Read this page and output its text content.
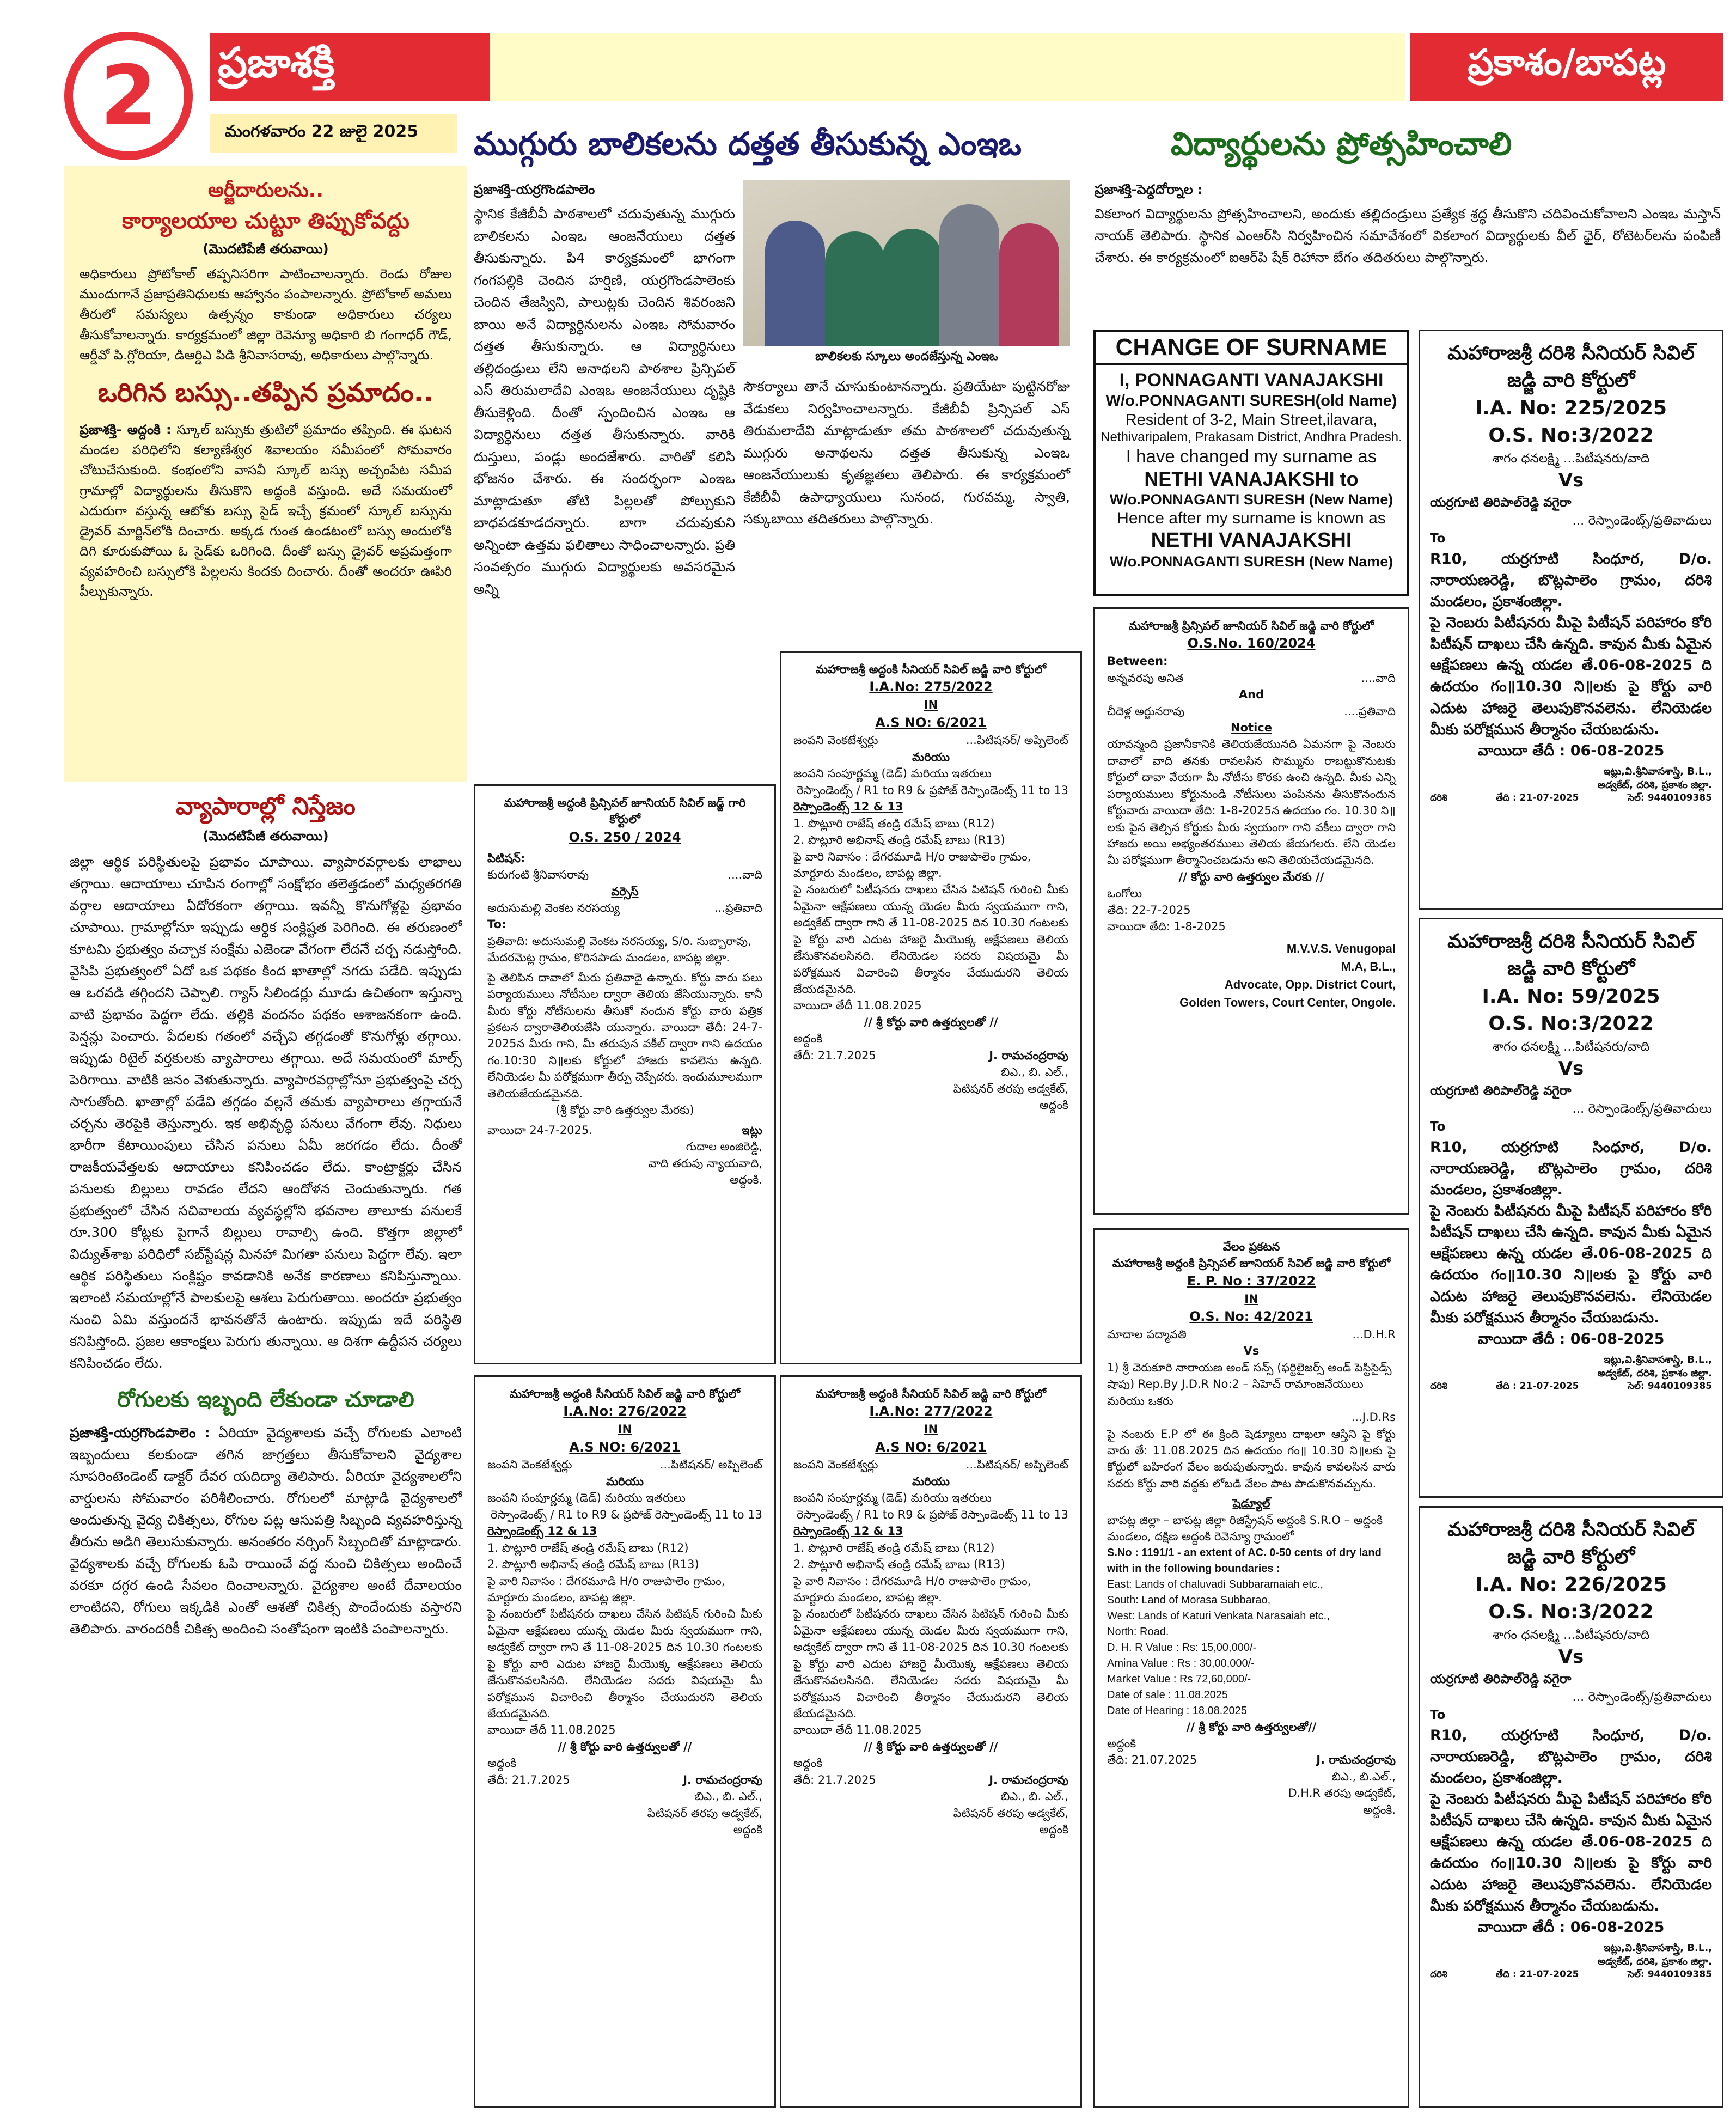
2 ప్రజాశక్తి	ప్రకాశం/బాపట్ల
మంగళవారం 22 జులై 2025
అర్జీదారులను..
కార్యాలయాల చుట్టూ తిప్పుకోవద్దు
(మొదటిపేజీ తరువాయి)
అధికారులు ప్రోటోకాల్ తప్పనిసరిగా పాటించాలన్నారు. రెండు రోజుల ముందుగానే ప్రజాప్రతినిధులకు ఆహ్వానం పంపాలన్నారు. ప్రోటోకాల్ అమలు తీరులో సమస్యలు ఉత్పన్నం కాకుండా అధికారులు చర్యలు తీసుకోవాలన్నారు. కార్యక్రమంలో జిల్లా రెవెన్యూ అధికారి బి గంగాధర్ గౌడ్, ఆర్డీవో పి.గ్లోరియా, డిఆర్డిఎ పిడి శ్రీనివాసరావు, అధికారులు పాల్గొన్నారు.
ఒరిగిన బస్సు..తప్పిన ప్రమాదం..
ప్రజాశక్తి- అద్దంకి : స్కూల్ బస్సుకు త్రుటిలో ప్రమాదం తప్పింది. ఈ ఘటన మండల పరిధిలోని కల్యాణేశ్వర శివాలయం సమీపంలో సోమవారం చోటుచేసుకుంది. కంభంలోని వాసవీ స్కూల్ బస్సు అచ్చంపేట సమీప గ్రామాల్లో విద్యార్థులను తీసుకొని అద్దంకి వస్తుంది. అదే సమయంలో ఎదురుగా వస్తున్న ఆటోకు బస్సు సైడ్ ఇచ్చే క్రమంలో స్కూల్ బస్సును డ్రైవర్ మార్జిన్‌లోకి దించారు. అక్కడ గుంత ఉండటంలో బస్సు అందులోకి దిగి కూరుకుపోయి ఓ సైడ్‌కు ఒరిగింది. దీంతో బస్సు డ్రైవర్ అప్రమత్తంగా వ్యవహరించి బస్సులోకి పిల్లలను కిందకు దించారు. దీంతో అందరూ ఊపిరి పీల్చుకున్నారు.
వ్యాపారాల్లో నిస్తేజం
(మొదటిపేజీ తరువాయి)
జిల్లా ఆర్థిక పరిస్థితులపై ప్రభావం చూపాయి. వ్యాపారవర్గాలకు లాభాలు తగ్గాయి. ఆదాయాలు చూపిన రంగాల్లో సంక్షోభం తలెత్తడంలో మధ్యతరగతి వర్గాల ఆదాయాలు ఏదోరకంగా తగ్గాయి. ఇవన్నీ కొనుగోళ్లపై ప్రభావం చూపాయి. గ్రామాల్లోనూ ఇప్పుడు ఆర్థిక సంక్లిష్టత పెరిగింది. ఈ తరుణంలో కూటమి ప్రభుత్వం వచ్చాక సంక్షేమ ఎజెండా వేగంగా లేదనే చర్చ నడుస్తోంది. వైసిపి ప్రభుత్వంలో ఏదో ఒక పథకం కింద ఖాతాల్లో నగదు పడేది. ఇప్పుడు ఆ ఒరవడి తగ్గిందని చెప్పాలి. గ్యాస్ సిలిండర్లు మూడు ఉచితంగా ఇస్తున్నా వాటి ప్రభావం పెద్దగా లేదు. తల్లికి వందనం పథకం ఆశాజనకంగా ఉంది. పెన్షన్లు పెంచారు. పేదలకు గతంలో వచ్చేవి తగ్గడంతో కొనుగోళ్లు తగ్గాయి. ఇప్పుడు రిటైల్ వర్తకులకు వ్యాపారాలు తగ్గాయి. అదే సమయంలో మాల్స్ పెరిగాయి. వాటికి జనం వెళుతున్నారు. వ్యాపారవర్గాల్లోనూ ప్రభుత్వంపై చర్చ సాగుతోంది. ఖాతాల్లో పడేవి తగ్గడం వల్లనే తమకు వ్యాపారాలు తగ్గాయనే చర్చను తెరపైకి తెస్తున్నారు. ఇక అభివృద్ధి పనులు వేగంగా లేవు. నిధులు భారీగా కేటాయింపులు చేసిన పనులు ఏమీ జరగడం లేదు. దీంతో రాజకీయవేత్తలకు ఆదాయాలు కనిపించడం లేదు. కాంట్రాక్టర్లు చేసిన పనులకు బిల్లులు రావడం లేదని ఆందోళన చెందుతున్నారు. గత ప్రభుత్వంలో చేసిన సచివాలయ వ్యవస్థల్లోని భవనాల తాలూకు పనులకే రూ.300 కోట్లకు పైగానే బిల్లులు రావాల్సి ఉంది. కొత్తగా జిల్లాలో విద్యుత్‌శాఖ పరిధిలో సబ్‌స్టేషన్ల మినహా మిగతా పనులు పెద్దగా లేవు. ఇలా ఆర్థిక పరిస్థితులు సంక్లిష్టం కావడానికి అనేక కారణాలు కనిపిస్తున్నాయి. ఇలాంటి సమయాల్లోనే పాలకులపై ఆశలు పెరుగుతాయి. అందరూ ప్రభుత్వం నుంచి ఏమి వస్తుందనే భావనతోనే ఉంటారు. ఇప్పుడు ఇదే పరిస్థితి కనిపిస్తోంది. ప్రజల ఆకాంక్షలు పెరుగు తున్నాయి. ఆ దిశగా ఉద్దీపన చర్యలు కనిపించడం లేదు.
రోగులకు ఇబ్బంది లేకుండా చూడాలి
ప్రజాశక్తి-యర్రగొండపాలెం : ఏరియా వైద్యశాలకు వచ్చే రోగులకు ఎలాంటి ఇబ్బందులు కలకుండా తగిన జాగ్రత్తలు తీసుకోవాలని వైద్యశాల సూపరింటెండెంట్ డాక్టర్ దేవర యదిద్యా తెలిపారు. ఏరియా వైద్యశాలలోని వార్డులను సోమవారం పరిశీలించారు. రోగులలో మాట్లాడి వైద్యశాలలో అందుతున్న వైద్య చికిత్సలు, రోగుల పట్ల ఆసుపత్రి సిబ్బంది వ్యవహరిస్తున్న తీరును అడిగి తెలుసుకున్నారు. అనంతరం నర్సింగ్ సిబ్బందితో మాట్లాడారు. వైద్యశాలకు వచ్చే రోగులకు ఓపి రాయించే వద్ద నుంచి చికిత్సలు అందించే వరకూ దగ్గర ఉండి సేవలం దించాలన్నారు. వైద్యశాల అంటే దేవాలయం లాంటిదని, రోగులు ఇక్కడికి ఎంతో ఆశతో చికిత్స పొందేందుకు వస్తారని తెలిపారు. వారందరికీ చికిత్స అందించి సంతోషంగా ఇంటికి పంపాలన్నారు.
ముగ్గురు బాలికలను దత్తత తీసుకున్న ఎంఇఒ
ప్రజాశక్తి-యర్రగొండపాలెం
స్థానిక కేజీబీవీ పాఠశాలలో చదువుతున్న ముగ్గురు బాలికలను ఎంఇఒ ఆంజనేయులు దత్తత తీసుకున్నారు. పి4 కార్యక్రమంలో భాగంగా గంగపల్లికి చెందిన హర్షిణి, యర్రగొండపాలెంకు చెందిన తేజస్విని, పాలుట్లకు చెందిన శివరంజని బాయి అనే విద్యార్థినులను ఎంఇఒ సోమవారం దత్తత తీసుకున్నారు. ఆ విద్యార్థినులు తల్లిదండ్రులు లేని అనాథలని పాఠశాల ప్రిన్సిపల్ ఎస్ తిరుమలాదేవి ఎంఇఒ ఆంజనేయులు దృష్టికి తీసుకెళ్లింది. దీంతో స్పందించిన ఎంఇఒ ఆ విద్యార్థినులు దత్తత తీసుకున్నారు. వారికి దుస్తులు, పండ్లు అందజేశారు. వారితో కలిసి భోజనం చేశారు. ఈ సందర్భంగా ఎంఇఒ మాట్లాడుతూ తోటి పిల్లలతో పోల్చుకుని బాధపడకూడదన్నారు. బాగా చదువుకుని అన్నింటా ఉత్తమ ఫలితాలు సాధించాలన్నారు. ప్రతి సంవత్సరం ముగ్గురు విద్యార్థులకు అవసరమైన అన్ని
బాలికలకు స్కూలు అందజేస్తున్న ఎంఇఒ
సౌకర్యాలు తానే చూసుకుంటానన్నారు. ప్రతియేటా పుట్టినరోజు వేడుకలు నిర్వహించాలన్నారు. కేజీబీవీ ప్రిన్సిపల్ ఎస్ తిరుమలాదేవి మాట్లాడుతూ తమ పాఠశాలలో చదువుతున్న ముగ్గురు అనాథలను దత్తత తీసుకున్న ఎంఇఒ ఆంజనేయులుకు కృతజ్ఞతలు తెలిపారు. ఈ కార్యక్రమంలో కేజీబీవీ ఉపాధ్యాయులు సునంద, గురవమ్మ, స్వాతి, సక్కుబాయి తదితరులు పాల్గొన్నారు.
విద్యార్థులను ప్రోత్సహించాలి
ప్రజాశక్తి-పెద్దదోర్నాల :
వికలాంగ విద్యార్థులను ప్రోత్సహించాలని, అందుకు తల్లిదండ్రులు ప్రత్యేక శ్రద్ధ తీసుకొని చదివించుకోవాలని ఎంఇఒ మస్తాన్ నాయక్ తెలిపారు. స్థానిక ఎంఆర్‌సి నిర్వహించిన సమావేశంలో వికలాంగ విద్యార్థులకు వీల్ ఛైర్, రోటెటర్‌లను పంపిణీ చేశారు. ఈ కార్యక్రమంలో ఐఆర్‌పి షేక్ రిహానా బేగం తదితరులు పాల్గొన్నారు.
CHANGE OF SURNAME
I, PONNAGANTI VANAJAKSHI
W/o.PONNAGANTI SURESH(old Name)
Resident of 3-2, Main Street,ilavara,
Nethivaripalem, Prakasam District, Andhra Pradesh.
I have changed my surname as
NETHI VANAJAKSHI to
W/o.PONNAGANTI SURESH (New Name)
Hence after my surname is known as
NETHI VANAJAKSHI
W/o.PONNAGANTI SURESH (New Name)
మహారాజశ్రీ అద్దంకి ప్రిన్సిపల్ జూనియర్ సివిల్ జడ్జ్ గారి కోర్టులో
O.S. 250 / 2024
పిటిషన్:
కురుగంటి శ్రీనివాసరావు	....వాది
వర్సెస్
అదుసుమల్లి వెంకట నరసయ్య	...ప్రతివాది
To:
ప్రతివాది: అదుసుమల్లి వెంకట నరసయ్య, S/o. సుబ్బారావు, మేదరమెట్ల గ్రామం, కొరిసపాడు మండలం, బాపట్ల జిల్లా.
పై తెలిపిన దావాలో మీరు ప్రతివాదై ఉన్నారు. కోర్టు వారు పలు పర్యాయములు నోటీసుల ద్వారా తెలియ జేసియున్నారు. కానీ మీరు కోర్టు నోటీసులను తీసుకో నందున కోర్టు వారు పత్రిక ప్రకటన ద్వారాతెలియజేసి యున్నారు. వాయిదా తేదీ: 24-7-2025న మీరు గాని, మీ తరుపున వకీల్ ద్వారా గాని ఉదయం గం.10:30 ని॥లకు కోర్టులో హాజరు కావలెను ఉన్నది. లేనియెడల మీ పరోక్షముగా తీర్పు చెప్పేదరు. ఇందుమూలముగా తెలియజేయడమైనది.
(శ్రీ కోర్టు వారి ఉత్తర్వుల మేరకు)
వాయిదా 24-7-2025.	ఇట్లు
గుదాల అంజిరెడ్డి,
వాది తరుపు న్యాయవాది,
అద్దంకి.
మహారాజశ్రీ అద్దంకి సీనియర్ సివిల్ జడ్జి వారి కోర్టులో
I.A.No: 275/2022
IN
A.S NO: 6/2021
జంపని వెంకటేశ్వర్లు	...పిటిషనర్/ అప్పిలెంట్
మరియు
జంపని సంపూర్ణమ్మ (డెడ్) మరియు ఇతరులు
రెస్పాండెంట్స్ / R1 to R9 & ప్రపోజ్ రెస్పాండెంట్స్ 11 to 13
రెస్పాండెంట్స్ 12 & 13
1. పొట్లూరి రాజేష్ తండ్రి రమేష్ బాబు (R12)
2. పొట్లూరి అభినాష్ తండ్రి రమేష్ బాబు (R13)
పై వారి నివాసం : దేగరమూడి H/o రాజుపాలెం గ్రామం, మార్టూరు మండలం, బాపట్ల జిల్లా.
పై నంబరులో పిటీషనరు దాఖలు చేసిన పిటిషన్ గురించి మీకు ఏమైనా ఆక్షేపణలు యున్న యెడల మీరు స్వయముగా గాని, అడ్వకేట్ ద్వారా గాని తే 11-08-2025 దిన 10.30 గంటలకు పై కోర్టు వారి ఎదుట హాజరై మీయొక్క ఆక్షేపణలు తెలియ జేసుకొనవలసినది. లేనియెడల సదరు విషయమై మీ పరోక్షమున విచారించి తీర్మానం చేయుదురని తెలియ జేయడమైనది.
వాయిదా తేదీ 11.08.2025
// శ్రీ కోర్టు వారి ఉత్తర్వులతో //
అద్దంకి
తేదీ: 21.7.2025	J. రామచంద్రరావు
బిఎ., బి. ఎల్.,
పిటిషనర్ తరపు అడ్వకేట్,
అద్దంకి
మహారాజశ్రీ అద్దంకి సీనియర్ సివిల్ జడ్జి వారి కోర్టులో
I.A.No: 276/2022
IN
A.S NO: 6/2021
జంపని వెంకటేశ్వర్లు	...పిటిషనర్/ అప్పిలెంట్
మరియు
జంపని సంపూర్ణమ్మ (డెడ్) మరియు ఇతరులు
రెస్పాండెంట్స్ / R1 to R9 & ప్రపోజ్ రెస్పాండెంట్స్ 11 to 13
రెస్పాండెంట్స్ 12 & 13
1. పొట్లూరి రాజేష్ తండ్రి రమేష్ బాబు (R12)
2. పొట్లూరి అభినాష్ తండ్రి రమేష్ బాబు (R13)
పై వారి నివాసం : దేగరమూడి H/o రాజుపాలెం గ్రామం, మార్టూరు మండలం, బాపట్ల జిల్లా.
పై నంబరులో పిటీషనరు దాఖలు చేసిన పిటిషన్ గురించి మీకు ఏమైనా ఆక్షేపణలు యున్న యెడల మీరు స్వయముగా గాని, అడ్వకేట్ ద్వారా గాని తే 11-08-2025 దిన 10.30 గంటలకు పై కోర్టు వారి ఎదుట హాజరై మీయొక్క ఆక్షేపణలు తెలియ జేసుకొనవలసినది. లేనియెడల సదరు విషయమై మీ పరోక్షమున విచారించి తీర్మానం చేయుదురని తెలియ జేయడమైనది.
వాయిదా తేదీ 11.08.2025
// శ్రీ కోర్టు వారి ఉత్తర్వులతో //
అద్దంకి
తేదీ: 21.7.2025	J. రామచంద్రరావు
బిఎ., బి. ఎల్.,
పిటిషనర్ తరపు అడ్వకేట్,
అద్దంకి
మహారాజశ్రీ అద్దంకి సీనియర్ సివిల్ జడ్జి వారి కోర్టులో
I.A.No: 277/2022
IN
A.S NO: 6/2021
జంపని వెంకటేశ్వర్లు	...పిటిషనర్/ అప్పిలెంట్
మరియు
జంపని సంపూర్ణమ్మ (డెడ్) మరియు ఇతరులు
రెస్పాండెంట్స్ / R1 to R9 & ప్రపోజ్ రెస్పాండెంట్స్ 11 to 13
రెస్పాండెంట్స్ 12 & 13
1. పొట్లూరి రాజేష్ తండ్రి రమేష్ బాబు (R12)
2. పొట్లూరి అభినాష్ తండ్రి రమేష్ బాబు (R13)
పై వారి నివాసం : దేగరమూడి H/o రాజుపాలెం గ్రామం, మార్టూరు మండలం, బాపట్ల జిల్లా.
పై నంబరులో పిటీషనరు దాఖలు చేసిన పిటిషన్ గురించి మీకు ఏమైనా ఆక్షేపణలు యున్న యెడల మీరు స్వయముగా గాని, అడ్వకేట్ ద్వారా గాని తే 11-08-2025 దిన 10.30 గంటలకు పై కోర్టు వారి ఎదుట హాజరై మీయొక్క ఆక్షేపణలు తెలియ జేసుకొనవలసినది. లేనియెడల సదరు విషయమై మీ పరోక్షమున విచారించి తీర్మానం చేయుదురని తెలియ జేయడమైనది.
వాయిదా తేదీ 11.08.2025
// శ్రీ కోర్టు వారి ఉత్తర్వులతో //
అద్దంకి
తేదీ: 21.7.2025	J. రామచంద్రరావు
బిఎ., బి. ఎల్.,
పిటిషనర్ తరపు అడ్వకేట్,
అద్దంకి
మహారాజశ్రీ ప్రిన్సిపల్ జూనియర్ సివిల్ జడ్జి వారి కోర్టులో
O.S.No. 160/2024
Between:
అన్నవరపు అనిత	....వాది
And
చీదెళ్ల అర్జునరావు	....ప్రతివాది
Notice
యావన్మంది ప్రజానీకానికి తెలియజేయునది ఏమనగా పై నెంబరు దావాలో వాది తనకు రావలసిన సొమ్మును రాబట్టుకొనుటకు కోర్టులో దావా వేయగా మీ నోటీసు కొరకు ఉంచి ఉన్నది. మీకు ఎన్ని పర్యాయములు కోర్టునుండి నోటీసులు పంపినను తీసుకొనందున కోర్టువారు వాయిదా తేది: 1-8-2025న ఉదయం గం. 10.30 ని॥లకు పైన తెల్పిన కోర్టుకు మీరు స్వయంగా గాని వకీలు ద్వారా గాని హాజరు అయి అభ్యంతరములు తెలియ జేయగలరు. లేని యెడల మీ పరోక్షముగా తీర్మానించబడును అని తెలియచేయడమైనది.
// కోర్టు వారి ఉత్తర్వుల మేరకు //
ఒంగోలు
తేది: 22-7-2025
వాయిదా తేది: 1-8-2025
M.V.V.S. Venugopal
M.A, B.L.,
Advocate, Opp. District Court,
Golden Towers, Court Center, Ongole.
వేలం ప్రకటన
మహారాజశ్రీ అద్దంకి ప్రిన్సిపల్ జూనియర్ సివిల్ జడ్జి వారి కోర్టులో
E. P. No : 37/2022
IN
O.S. No: 42/2021
మాదాల పద్మావతి	...D.H.R
Vs
1) శ్రీ చెరుకూరి నారాయణ అండ్ సన్స్ (ఫర్టిలైజర్స్ అండ్ పెస్టిసైడ్స్ షాపు) Rep.By J.D.R No:2 – సిహెచ్ రామాంజనేయులు మరియు ఒకరు
...J.D.Rs
పై నంబరు E.P లో ఈ క్రింది షెడ్యూలు దాఖలా ఆస్తిని పై కోర్టు వారు తే: 11.08.2025 దిన ఉదయం గం॥ 10.30 ని॥లకు పై కోర్టులో బహిరంగ వేలం జరుపుతున్నారు. కావున కావలసిన వారు సదరు కోర్టు వారి వద్దకు లోబడి వేలం పాట పాడుకొనవచ్చును.
షెడ్యూల్
బాపట్ల జిల్లా – బాపట్ల జిల్లా రిజిస్ట్రేషన్ అద్దంకి S.R.O – అద్దంకి మండలం, దక్షిణ అద్దంకి రెవెన్యూ గ్రామంలో
S.No : 1191/1 - an extent of AC. 0-50 cents of dry land with in the following boundaries :
East: Lands of chaluvadi Subbaramaiah etc.,
South: Land of Morasa Subbarao,
West: Lands of Katuri Venkata Narasaiah etc.,
North: Road.
D. H. R Value : Rs: 15,00,000/-
Amina Value : Rs : 30,00,000/-
Market Value : Rs 72,60,000/-
Date of sale : 11.08.2025
Date of Hearing : 18.08.2025
// శ్రీ కోర్టు వారి ఉత్తర్వులతో//
అద్దంకి
తేది: 21.07.2025	J. రామచంద్రరావు
బిఎ., బి.ఎల్.,
D.H.R తరపు అడ్వకేట్,
అద్దంకి.
మహారాజశ్రీ దరిశి సీనియర్ సివిల్ జడ్జి వారి కోర్టులో
I.A. No: 225/2025
O.S. No:3/2022
శాగం ధనలక్ష్మి ...పిటీషనరు/వాది
Vs
యర్రగూటి తిరిపాల్‌రెడ్డి వగైరా
... రెస్పాండెంట్స్/ప్రతివాదులు
To
R10, యర్రగూటి సింధూర, D/o. నారాయణరెడ్డి, బొట్లపాలెం గ్రామం, దరిశి మండలం, ప్రకాశంజిల్లా.
పై నెంబరు పిటీషనరు మీపై పిటీషన్ పరిహారం కోరి పిటీషన్ దాఖలు చేసి ఉన్నది. కావున మీకు ఏమైన ఆక్షేపణలు ఉన్న యడల తే.06-08-2025 ది ఉదయం గం॥10.30 ని॥లకు పై కోర్టు వారి ఎదుట హాజరై తెలుపుకొనవలెను. లేనియెడల మీకు పరోక్షమున తీర్మానం చేయబడును.
వాయిదా తేదీ : 06-08-2025
ఇట్లు,వి.శ్రీనివాసశాస్త్రి, B.L.,
అడ్వకేట్, దరిశి, ప్రకాశం జిల్లా.
దరిశి	తేది : 21-07-2025	సెల్: 9440109385
మహారాజశ్రీ దరిశి సీనియర్ సివిల్ జడ్జి వారి కోర్టులో
I.A. No: 59/2025
O.S. No:3/2022
శాగం ధనలక్ష్మి ...పిటీషనరు/వాది
Vs
యర్రగూటి తిరిపాల్‌రెడ్డి వగైరా
... రెస్పాండెంట్స్/ప్రతివాదులు
To
R10, యర్రగూటి సింధూర, D/o. నారాయణరెడ్డి, బొట్లపాలెం గ్రామం, దరిశి మండలం, ప్రకాశంజిల్లా.
పై నెంబరు పిటీషనరు మీపై పిటీషన్ పరిహారం కోరి పిటీషన్ దాఖలు చేసి ఉన్నది. కావున మీకు ఏమైన ఆక్షేపణలు ఉన్న యడల తే.06-08-2025 ది ఉదయం గం॥10.30 ని॥లకు పై కోర్టు వారి ఎదుట హాజరై తెలుపుకొనవలెను. లేనియెడల మీకు పరోక్షమున తీర్మానం చేయబడును.
వాయిదా తేదీ : 06-08-2025
ఇట్లు,వి.శ్రీనివాసశాస్త్రి, B.L.,
అడ్వకేట్, దరిశి, ప్రకాశం జిల్లా.
దరిశి	తేది : 21-07-2025	సెల్: 9440109385
మహారాజశ్రీ దరిశి సీనియర్ సివిల్ జడ్జి వారి కోర్టులో
I.A. No: 226/2025
O.S. No:3/2022
శాగం ధనలక్ష్మి ...పిటీషనరు/వాది
Vs
యర్రగూటి తిరిపాల్‌రెడ్డి వగైరా
... రెస్పాండెంట్స్/ప్రతివాదులు
To
R10, యర్రగూటి సింధూర, D/o. నారాయణరెడ్డి, బొట్లపాలెం గ్రామం, దరిశి మండలం, ప్రకాశంజిల్లా.
పై నెంబరు పిటీషనరు మీపై పిటీషన్ పరిహారం కోరి పిటీషన్ దాఖలు చేసి ఉన్నది. కావున మీకు ఏమైన ఆక్షేపణలు ఉన్న యడల తే.06-08-2025 ది ఉదయం గం॥10.30 ని॥లకు పై కోర్టు వారి ఎదుట హాజరై తెలుపుకొనవలెను. లేనియెడల మీకు పరోక్షమున తీర్మానం చేయబడును.
వాయిదా తేదీ : 06-08-2025
ఇట్లు,వి.శ్రీనివాసశాస్త్రి, B.L.,
అడ్వకేట్, దరిశి, ప్రకాశం జిల్లా.
దరిశి	తేది : 21-07-2025	సెల్: 9440109385
